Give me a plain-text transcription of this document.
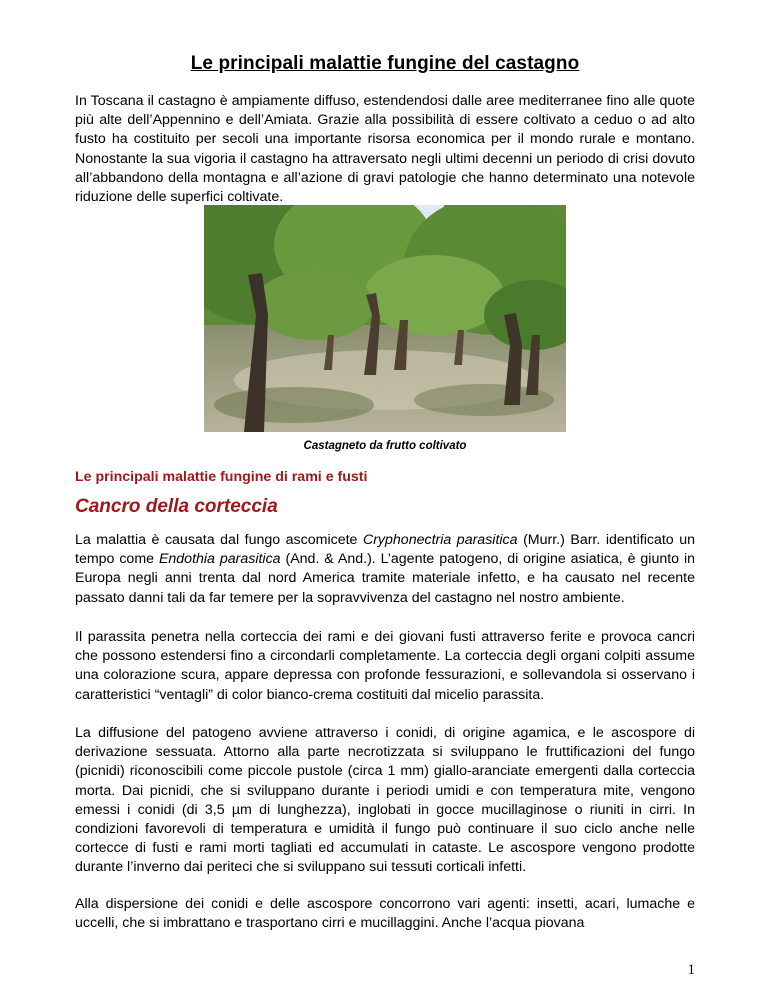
Le principali malattie fungine del castagno

In Toscana il castagno è ampiamente diffuso, estendendosi dalle aree mediterranee fino alle quote più alte dell’Appennino e dell’Amiata. Grazie alla possibilità di essere coltivato a ceduo o ad alto fusto ha costituito per secoli una importante risorsa economica per il mondo rurale e montano. Nonostante la sua vigoria il castagno ha attraversato negli ultimi decenni un periodo di crisi dovuto all’abbandono della montagna e all’azione di gravi patologie che hanno determinato una notevole riduzione delle superfici coltivate.

Castagneto da frutto coltivato
Le principali malattie fungine di rami e fusti
Cancro della corteccia

La malattia è causata dal fungo ascomicete Cryphonectria parasitica (Murr.) Barr. identificato un tempo come Endothia parasitica (And. & And.). L’agente patogeno, di origine asiatica, è giunto in Europa negli anni trenta dal nord America tramite materiale infetto, e ha causato nel recente passato danni tali da far temere per la sopravvivenza del castagno nel nostro ambiente.

Il parassita penetra nella corteccia dei rami e dei giovani fusti attraverso ferite e provoca cancri che possono estendersi fino a circondarli completamente. La corteccia degli organi colpiti assume una colorazione scura, appare depressa con profonde fessurazioni, e sollevandola si osservano i caratteristici “ventagli” di color bianco-crema costituiti dal micelio parassita.

La diffusione del patogeno avviene attraverso i conidi, di origine agamica, e le ascospore di derivazione sessuata. Attorno alla parte necrotizzata si sviluppano le fruttificazioni del fungo (picnidi) riconoscibili come piccole pustole (circa 1 mm) giallo-aranciate emergenti dalla corteccia morta. Dai picnidi, che si sviluppano durante i periodi umidi e con temperatura mite, vengono emessi i conidi (di 3,5 µm di lunghezza), inglobati in gocce mucillaginose o riuniti in cirri. In condizioni favorevoli di temperatura e umidità il fungo può continuare il suo ciclo anche nelle cortecce di fusti e rami morti tagliati ed accumulati in cataste. Le ascospore vengono prodotte durante l’inverno dai periteci che si sviluppano sui tessuti corticali infetti.

Alla dispersione dei conidi e delle ascospore concorrono vari agenti: insetti, acari, lumache e uccelli, che si imbrattano e trasportano cirri e mucillaggini. Anche l’acqua piovana

1
